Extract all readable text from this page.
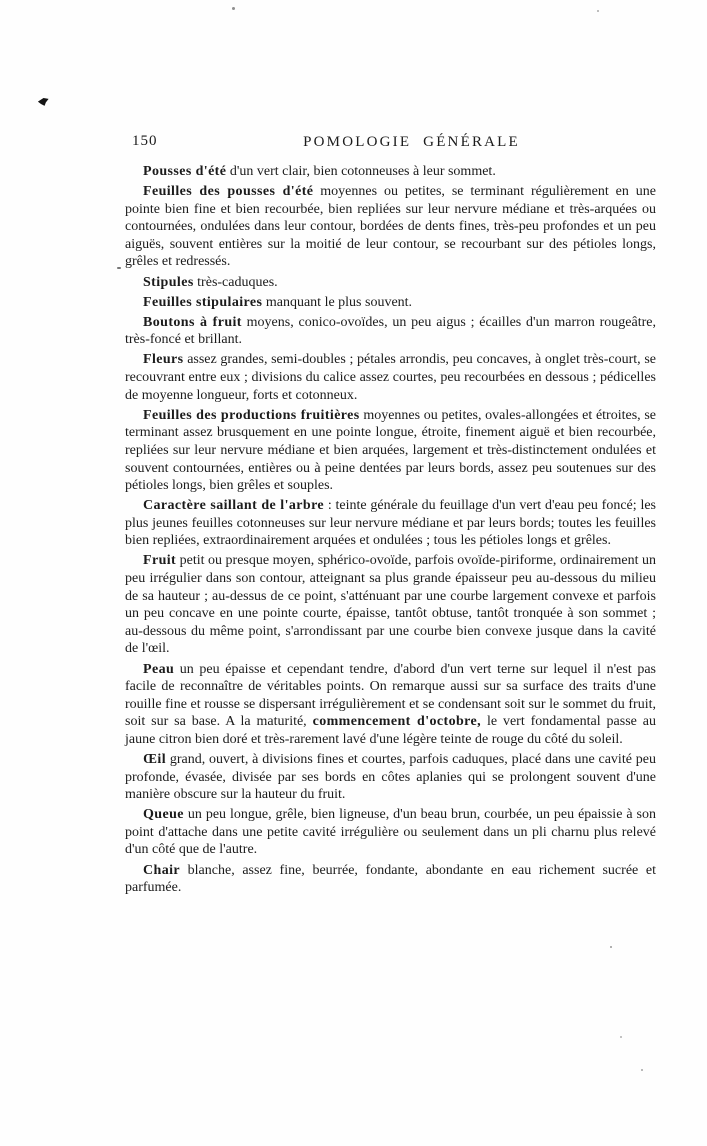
150	POMOLOGIE GÉNÉRALE

Pousses d'été d'un vert clair, bien cotonneuses à leur sommet.

Feuilles des pousses d'été moyennes ou petites, se terminant régulièrement en une pointe bien fine et bien recourbée, bien repliées sur leur nervure médiane et très-arquées ou contournées, ondulées dans leur contour, bordées de dents fines, très-peu profondes et un peu aiguës, souvent entières sur la moitié de leur contour, se recourbant sur des pétioles longs, grêles et redressés.

Stipules très-caduques.

Feuilles stipulaires manquant le plus souvent.

Boutons à fruit moyens, conico-ovoïdes, un peu aigus ; écailles d'un marron rougeâtre, très-foncé et brillant.

Fleurs assez grandes, semi-doubles ; pétales arrondis, peu concaves, à onglet très-court, se recouvrant entre eux ; divisions du calice assez courtes, peu recourbées en dessous ; pédicelles de moyenne longueur, forts et cotonneux.

Feuilles des productions fruitières moyennes ou petites, ovales-allongées et étroites, se terminant assez brusquement en une pointe longue, étroite, finement aiguë et bien recourbée, repliées sur leur nervure médiane et bien arquées, largement et très-distinctement ondulées et souvent contournées, entières ou à peine dentées par leurs bords, assez peu soutenues sur des pétioles longs, bien grêles et souples.

Caractère saillant de l'arbre : teinte générale du feuillage d'un vert d'eau peu foncé; les plus jeunes feuilles cotonneuses sur leur nervure médiane et par leurs bords; toutes les feuilles bien repliées, extraordinairement arquées et ondulées ; tous les pétioles longs et grêles.

Fruit petit ou presque moyen, sphérico-ovoïde, parfois ovoïde-piriforme, ordinairement un peu irrégulier dans son contour, atteignant sa plus grande épaisseur peu au-dessous du milieu de sa hauteur ; au-dessus de ce point, s'atténuant par une courbe largement convexe et parfois un peu concave en une pointe courte, épaisse, tantôt obtuse, tantôt tronquée à son sommet ; au-dessous du même point, s'arrondissant par une courbe bien convexe jusque dans la cavité de l'œil.

Peau un peu épaisse et cependant tendre, d'abord d'un vert terne sur lequel il n'est pas facile de reconnaître de véritables points. On remarque aussi sur sa surface des traits d'une rouille fine et rousse se dispersant irrégulièrement et se condensant soit sur le sommet du fruit, soit sur sa base. A la maturité, commencement d'octobre, le vert fondamental passe au jaune citron bien doré et très-rarement lavé d'une légère teinte de rouge du côté du soleil.

Œil grand, ouvert, à divisions fines et courtes, parfois caduques, placé dans une cavité peu profonde, évasée, divisée par ses bords en côtes aplanies qui se prolongent souvent d'une manière obscure sur la hauteur du fruit.

Queue un peu longue, grêle, bien ligneuse, d'un beau brun, courbée, un peu épaissie à son point d'attache dans une petite cavité irrégulière ou seulement dans un pli charnu plus relevé d'un côté que de l'autre.

Chair blanche, assez fine, beurrée, fondante, abondante en eau richement sucrée et parfumée.
